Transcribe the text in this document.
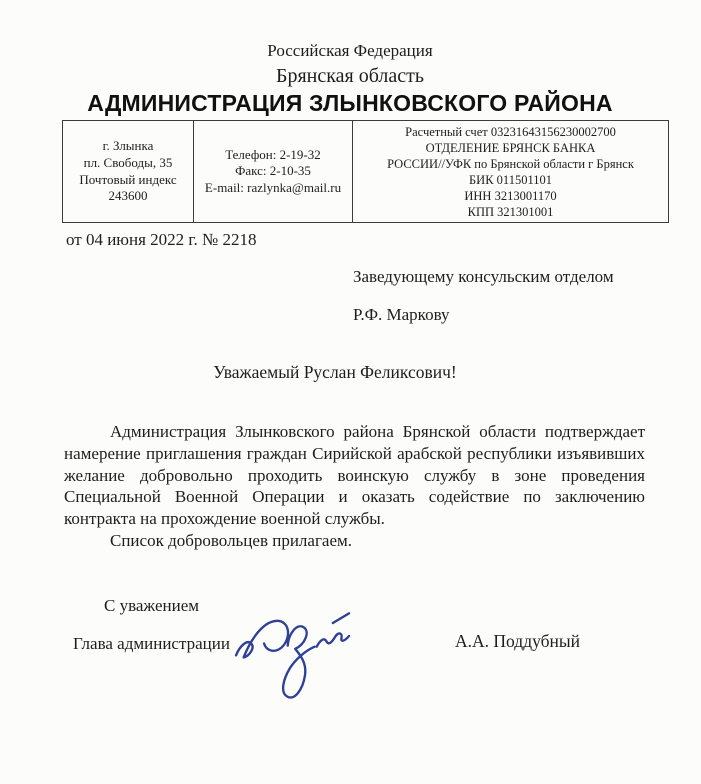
Российская Федерация
Брянская область
АДМИНИСТРАЦИЯ ЗЛЫНКОВСКОГО РАЙОНА
г. Злынка
пл. Свободы, 35
Почтовый индекс 243600
Телефон: 2-19-32
Факс: 2-10-35
E-mail: razlynka@mail.ru
Расчетный счет 03231643156230002700
ОТДЕЛЕНИЕ БРЯНСК БАНКА
РОССИИ//УФК по Брянской области г Брянск
БИК 011501101
ИНН 3213001170
КПП 321301001
от 04 июня 2022 г. № 2218
Заведующему консульским отделом
Р.Ф. Маркову
Уважаемый Руслан Феликсович!

Администрация Злынковского района Брянской области подтверждает намерение приглашения граждан Сирийской арабской республики изъявивших желание добровольно проходить воинскую службу в зоне проведения Специальной Военной Операции и оказать содействие по заключению контракта на прохождение военной службы.

Список добровольцев прилагаем.

С уважением
Глава администрации	А.А. Поддубный
